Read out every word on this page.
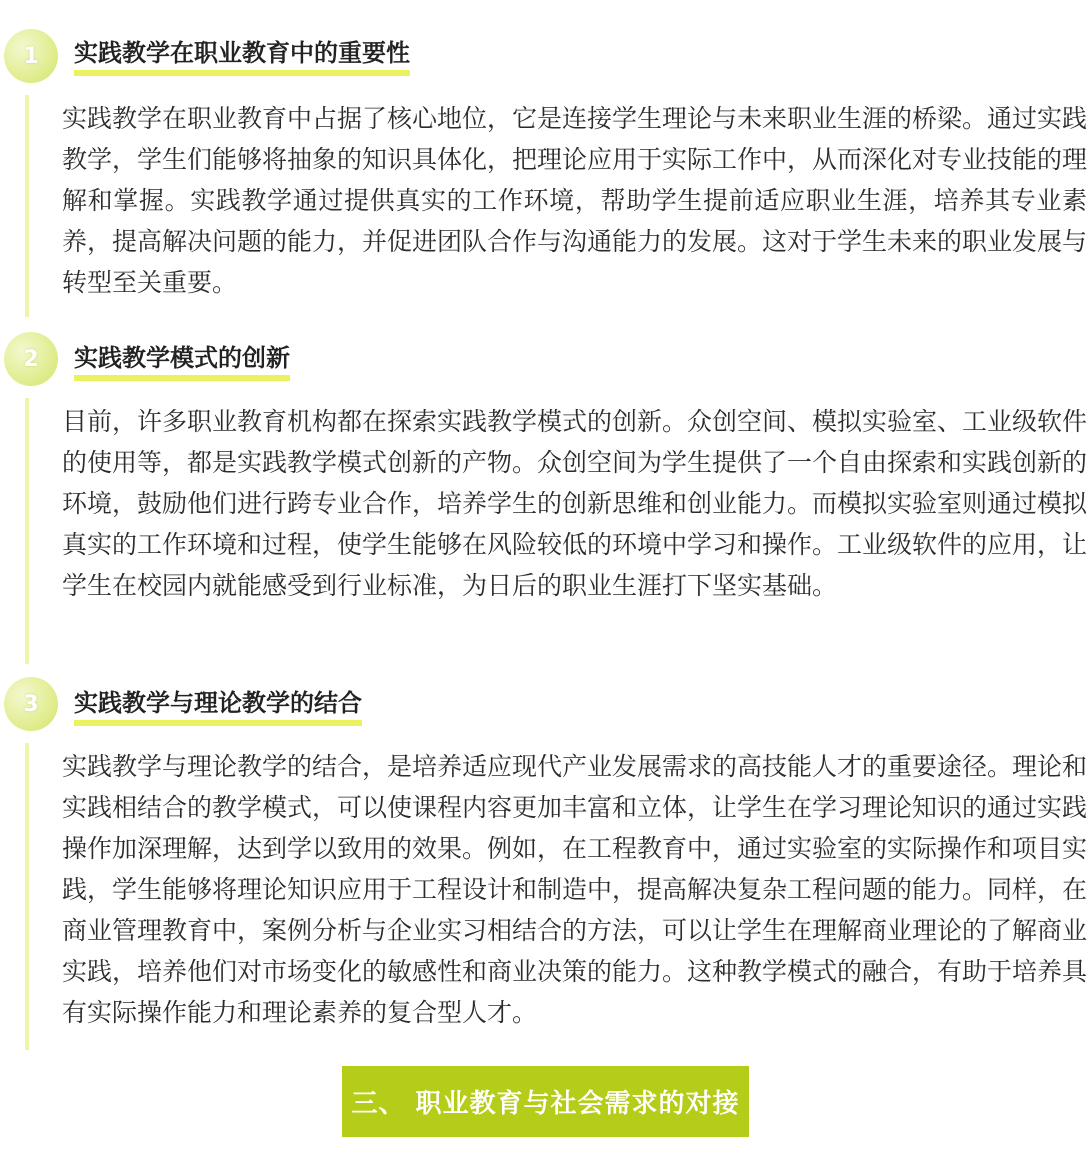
1	实践教学在职业教育中的重要性
实践教学在职业教育中占据了核心地位，它是连接学生理论与未来职业生涯的桥梁。通过实践教学，学生们能够将抽象的知识具体化，把理论应用于实际工作中，从而深化对专业技能的理解和掌握。实践教学通过提供真实的工作环境，帮助学生提前适应职业生涯，培养其专业素养，提高解决问题的能力，并促进团队合作与沟通能力的发展。这对于学生未来的职业发展与转型至关重要。
2	实践教学模式的创新
目前，许多职业教育机构都在探索实践教学模式的创新。众创空间、模拟实验室、工业级软件的使用等，都是实践教学模式创新的产物。众创空间为学生提供了一个自由探索和实践创新的环境，鼓励他们进行跨专业合作，培养学生的创新思维和创业能力。而模拟实验室则通过模拟真实的工作环境和过程，使学生能够在风险较低的环境中学习和操作。工业级软件的应用，让学生在校园内就能感受到行业标准，为日后的职业生涯打下坚实基础。
3	实践教学与理论教学的结合
实践教学与理论教学的结合，是培养适应现代产业发展需求的高技能人才的重要途径。理论和实践相结合的教学模式，可以使课程内容更加丰富和立体，让学生在学习理论知识的通过实践操作加深理解，达到学以致用的效果。例如，在工程教育中，通过实验室的实际操作和项目实践，学生能够将理论知识应用于工程设计和制造中，提高解决复杂工程问题的能力。同样，在商业管理教育中，案例分析与企业实习相结合的方法，可以让学生在理解商业理论的了解商业实践，培养他们对市场变化的敏感性和商业决策的能力。这种教学模式的融合，有助于培养具有实际操作能力和理论素养的复合型人才。
三、 职业教育与社会需求的对接
